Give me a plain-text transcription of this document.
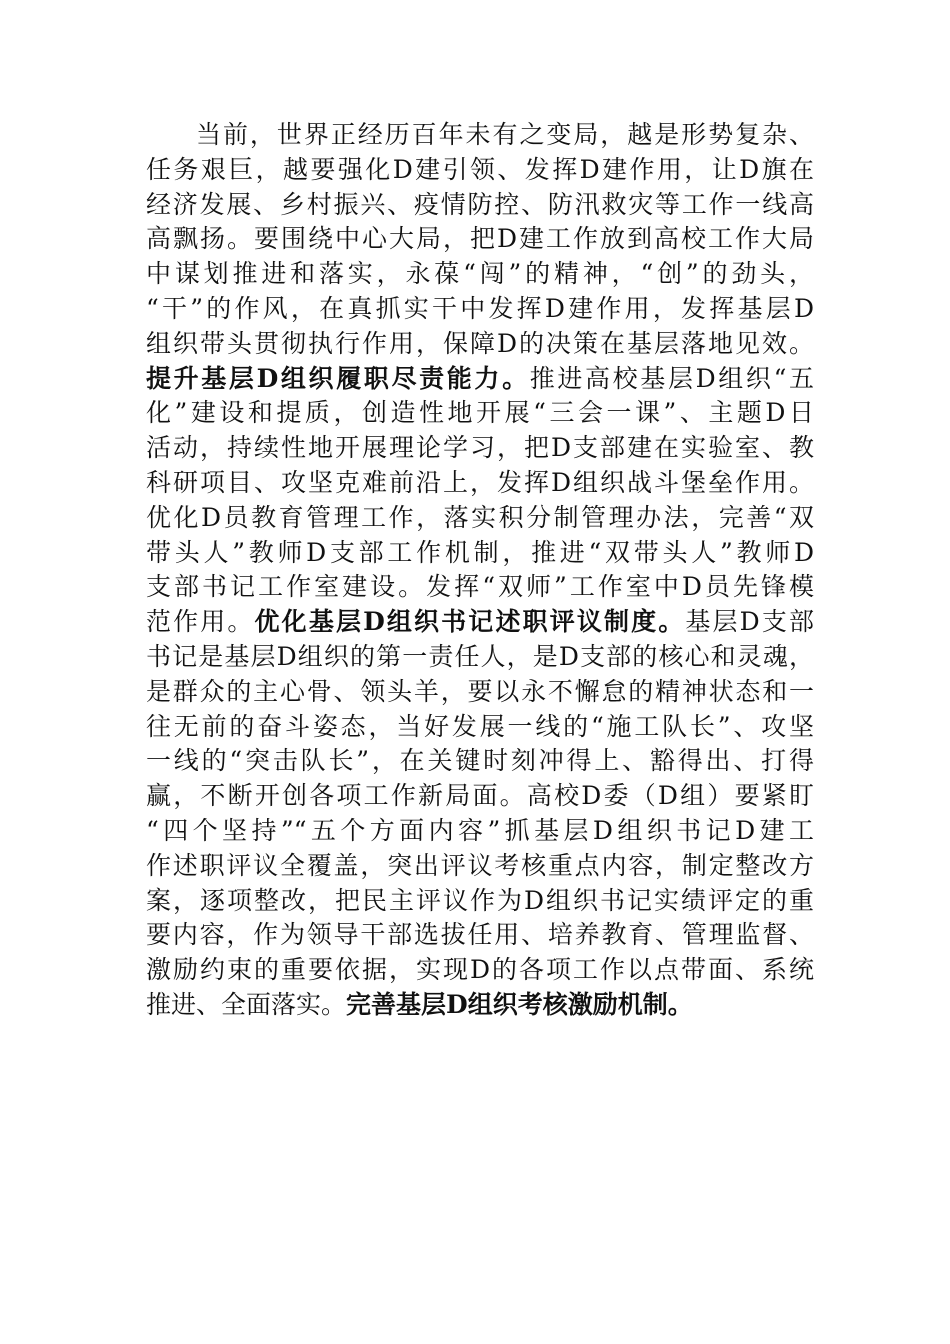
当前，世界正经历百年未有之变局，越是形势复杂、
任务艰巨，越要强化D建引领、发挥D建作用，让D旗在
经济发展、乡村振兴、疫情防控、防汛救灾等工作一线高
高飘扬。要围绕中心大局，把D建工作放到高校工作大局
中谋划推进和落实，永葆“闯”的精神，“创”的劲头，
“干”的作风，在真抓实干中发挥D建作用，发挥基层D
组织带头贯彻执行作用，保障D的决策在基层落地见效。
提升基层D组织履职尽责能力。推进高校基层D组织“五
化”建设和提质，创造性地开展“三会一课”、主题D日
活动，持续性地开展理论学习，把D支部建在实验室、教
科研项目、攻坚克难前沿上，发挥D组织战斗堡垒作用。
优化D员教育管理工作，落实积分制管理办法，完善“双
带头人”教师D支部工作机制，推进“双带头人”教师D
支部书记工作室建设。发挥“双师”工作室中D员先锋模
范作用。优化基层D组织书记述职评议制度。基层D支部
书记是基层D组织的第一责任人，是D支部的核心和灵魂，
是群众的主心骨、领头羊，要以永不懈怠的精神状态和一
往无前的奋斗姿态，当好发展一线的“施工队长”、攻坚
一线的“突击队长”，在关键时刻冲得上、豁得出、打得
赢，不断开创各项工作新局面。高校D委（D组）要紧盯
“四个坚持”“五个方面内容”抓基层D组织书记D建工
作述职评议全覆盖，突出评议考核重点内容，制定整改方
案，逐项整改，把民主评议作为D组织书记实绩评定的重
要内容，作为领导干部选拔任用、培养教育、管理监督、
激励约束的重要依据，实现D的各项工作以点带面、系统
推进、全面落实。完善基层D组织考核激励机制。
